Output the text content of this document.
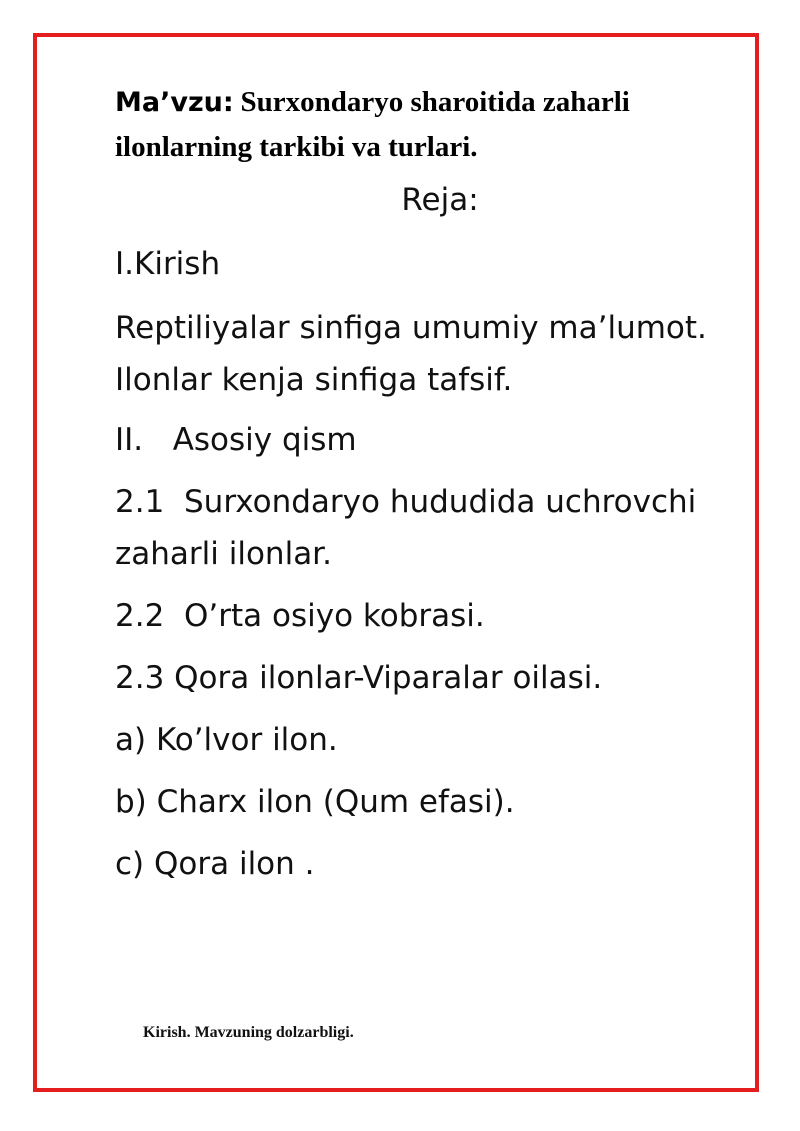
Ma’vzu: Surxondaryo sharoitida zaharli ilonlarning tarkibi va turlari.
Reja:
I.Kirish
Reptiliyalar sinfiga umumiy ma’lumot. Ilonlar kenja sinfiga tafsif.
II.   Asosiy qism
2.1  Surxondaryo hududida uchrovchi zaharli ilonlar.
2.2  O’rta osiyo kobrasi.
2.3 Qora ilonlar-Viparalar oilasi.
a) Ko’lvor ilon.
b) Charx ilon (Qum efasi).
c) Qora ilon .
Kirish. Mavzuning dolzarbligi.
